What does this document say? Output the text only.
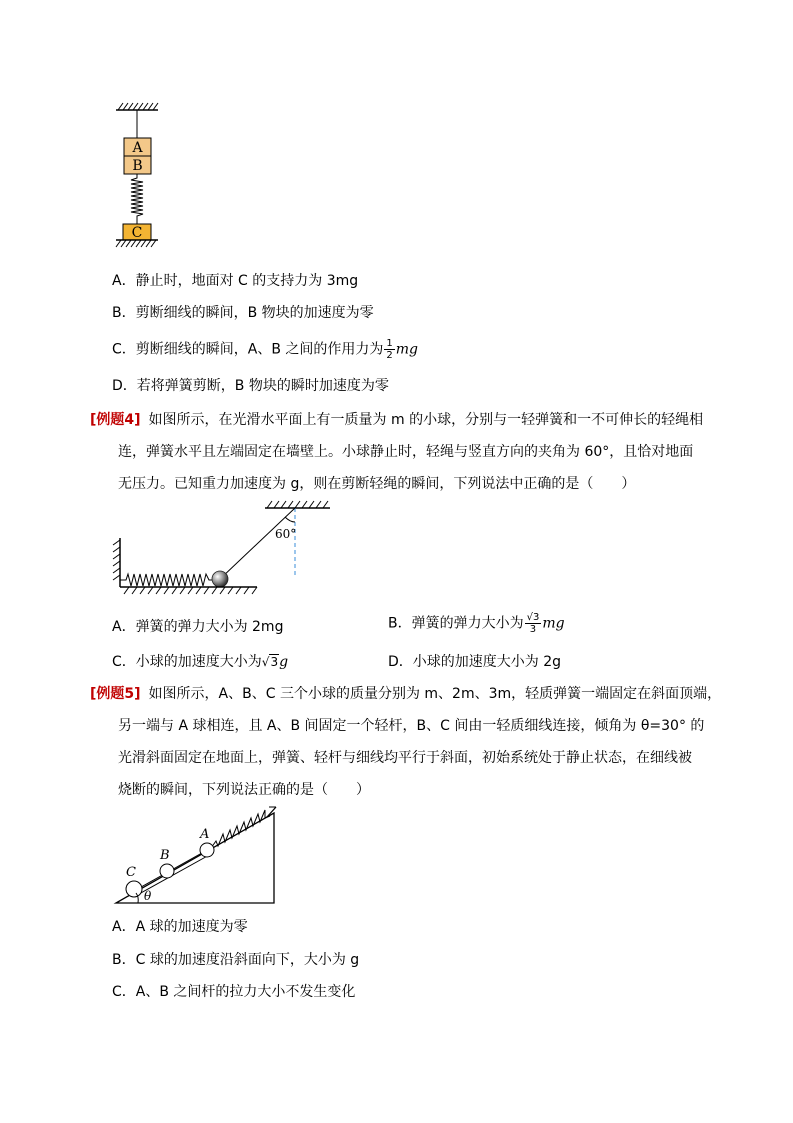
A
B
C
A．静止时，地面对 C 的支持力为 3mg
B．剪断细线的瞬间，B 物块的加速度为零
C．剪断细线的瞬间，A、B 之间的作用力为 $\frac{1}{2}$ mg
D．若将弹簧剪断，B 物块的瞬时加速度为零
[例题4] 如图所示，在光滑水平面上有一质量为 m 的小球，分别与一轻弹簧和一不可伸长的轻绳相
连，弹簧水平且左端固定在墙壁上。小球静止时，轻绳与竖直方向的夹角为 60°，且恰对地面
无压力。已知重力加速度为 g，则在剪断轻绳的瞬间，下列说法中正确的是（　　）
60°
A．弹簧的弹力大小为 2mg	B．弹簧的弹力大小为 $\frac{√3}{3}$ mg
C．小球的加速度大小为√3g	D．小球的加速度大小为 2g
[例题5] 如图所示，A、B、C 三个小球的质量分别为 m、2m、3m，轻质弹簧一端固定在斜面顶端，
另一端与 A 球相连，且 A、B 间固定一个轻杆，B、C 间由一轻质细线连接，倾角为 θ=30° 的
光滑斜面固定在地面上，弹簧、轻杆与细线均平行于斜面，初始系统处于静止状态，在细线被
烧断的瞬间，下列说法正确的是（　　）
A
B
C
θ
A．A 球的加速度为零
B．C 球的加速度沿斜面向下，大小为 g
C．A、B 之间杆的拉力大小不发生变化
